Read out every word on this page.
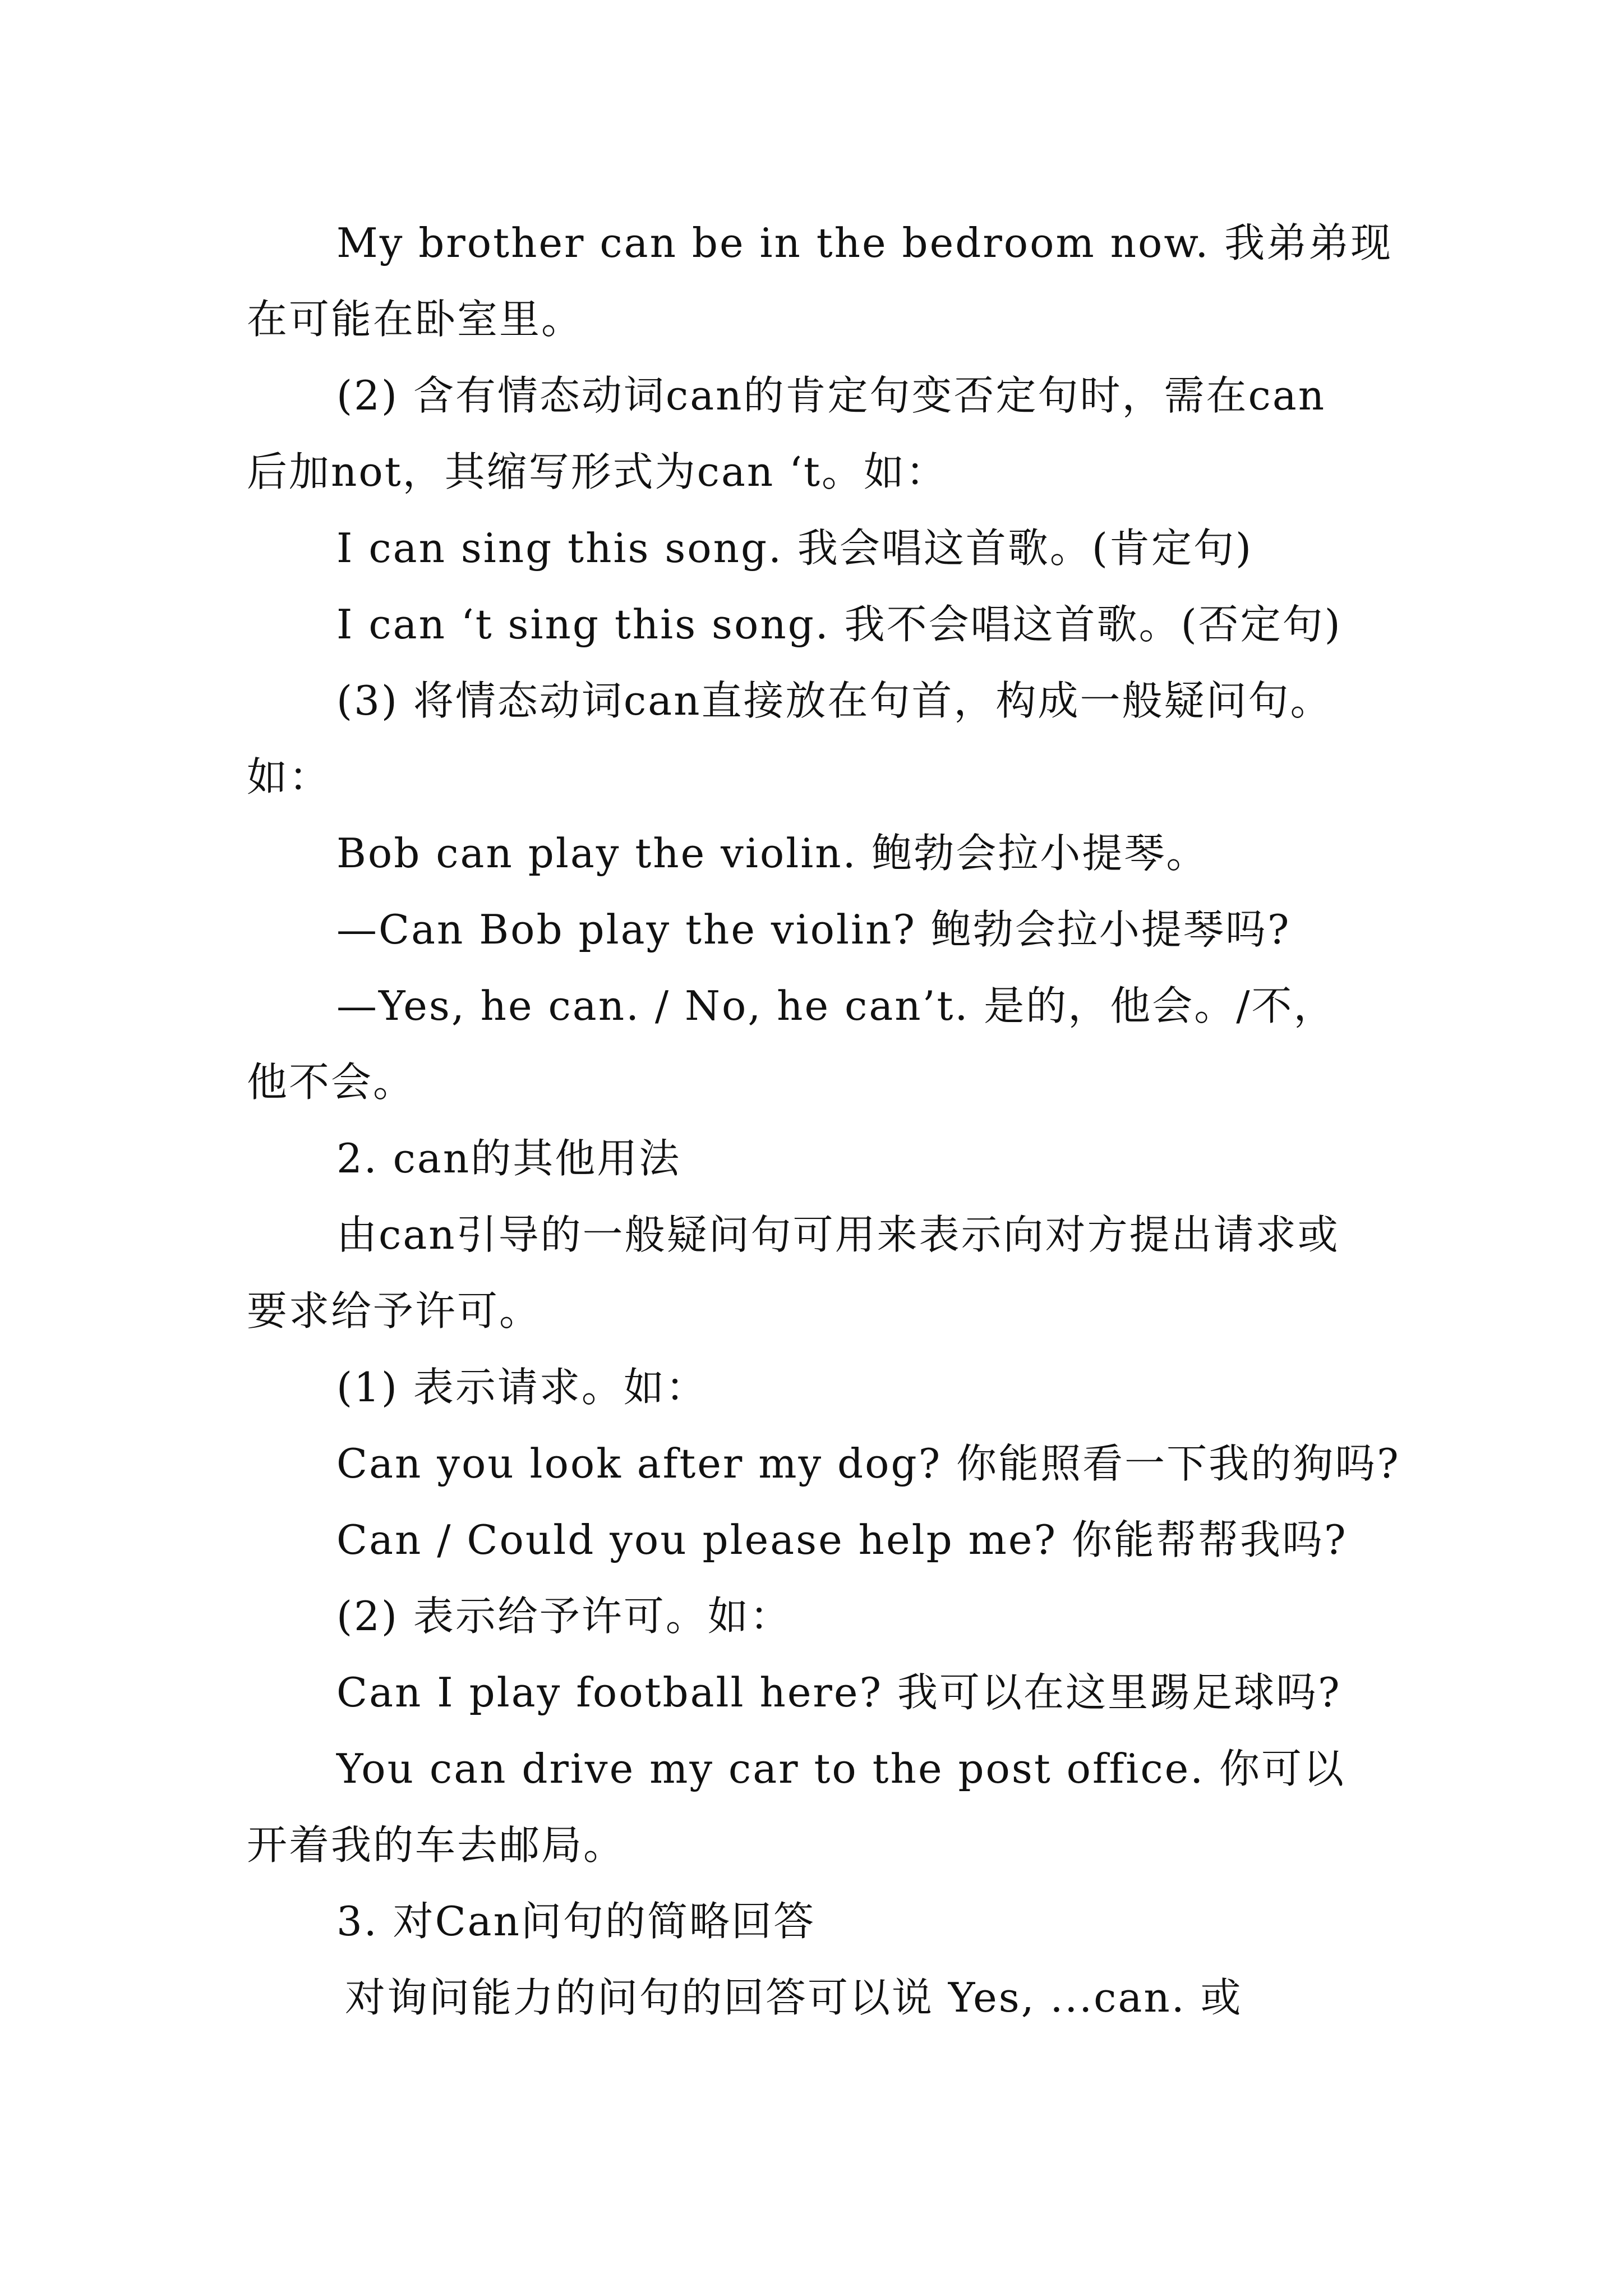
My brother can be in the bedroom now. 我弟弟现
在可能在卧室里。
(2) 含有情态动词can的肯定句变否定句时，需在can
后加not，其缩写形式为can ‘t。如：
I can sing this song. 我会唱这首歌。(肯定句)
I can ‘t sing this song. 我不会唱这首歌。(否定句)
(3) 将情态动词can直接放在句首，构成一般疑问句。
如：
Bob can play the violin. 鲍勃会拉小提琴。
—Can Bob play the violin? 鲍勃会拉小提琴吗?
—Yes, he can. / No, he can’t. 是的，他会。/不，
他不会。
2. can的其他用法
由can引导的一般疑问句可用来表示向对方提出请求或
要求给予许可。
(1) 表示请求。如：
Can you look after my dog? 你能照看一下我的狗吗?
Can / Could you please help me? 你能帮帮我吗?
(2) 表示给予许可。如：
Can I play football here? 我可以在这里踢足球吗?
You can drive my car to the post office. 你可以
开着我的车去邮局。
3. 对Can问句的简略回答
对询问能力的问句的回答可以说 Yes, ...can. 或
